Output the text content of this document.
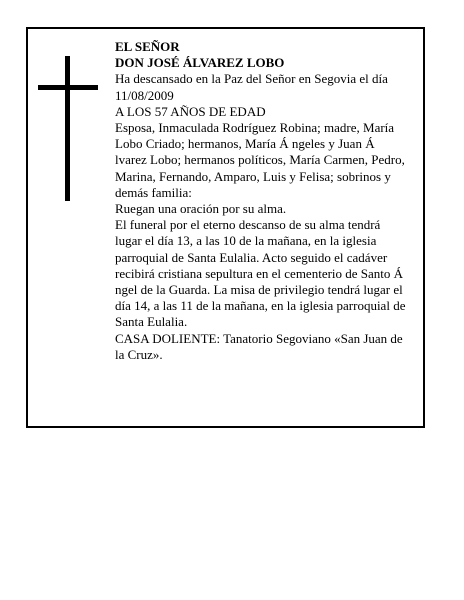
EL SEÑOR
DON JOSÉ ÁLVAREZ LOBO
Ha descansado en la Paz del Señor en Segovia el día
11/08/2009
A LOS 57 AÑOS DE EDAD
Esposa, Inmaculada Rodríguez Robina; madre, María
Lobo Criado; hermanos, María Á ngeles y Juan Á
lvarez Lobo; hermanos políticos, María Carmen, Pedro,
Marina, Fernando, Amparo, Luis y Felisa; sobrinos y
demás familia:
Ruegan una oración por su alma.
El funeral por el eterno descanso de su alma tendrá
lugar el día 13, a las 10 de la mañana, en la iglesia
parroquial de Santa Eulalia. Acto seguido el cadáver
recibirá cristiana sepultura en el cementerio de Santo Á
ngel de la Guarda. La misa de privilegio tendrá lugar el
día 14, a las 11 de la mañana, en la iglesia parroquial de
Santa Eulalia.
CASA DOLIENTE: Tanatorio Segoviano «San Juan de
la Cruz».
